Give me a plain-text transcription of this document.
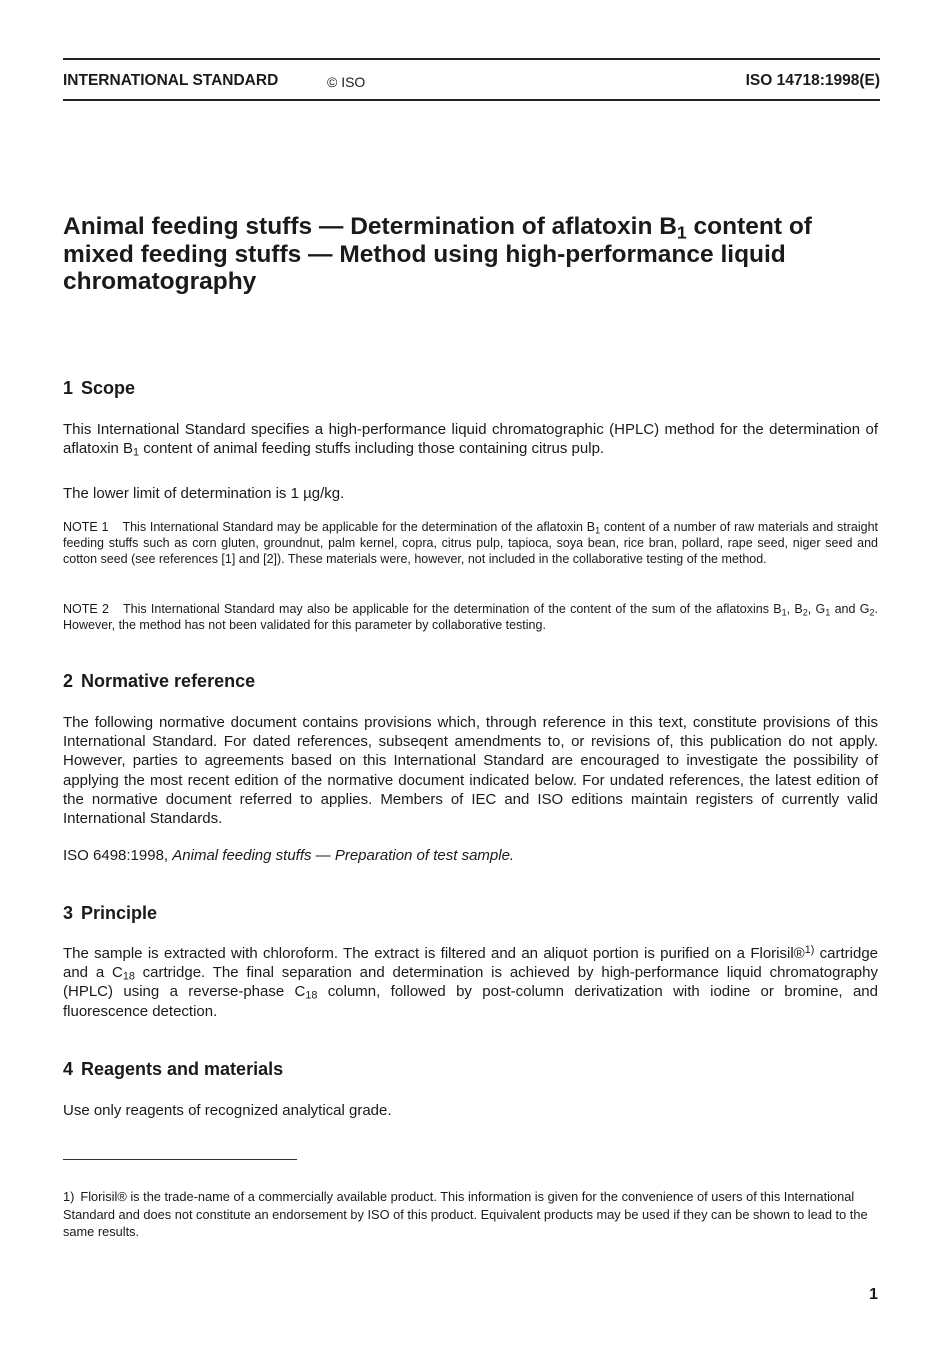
INTERNATIONAL STANDARD	© ISO	ISO 14718:1998(E)
Animal feeding stuffs — Determination of aflatoxin $B_1$ content of mixed feeding stuffs — Method using high-performance liquid chromatography
1 Scope

This International Standard specifies a high-performance liquid chromatographic (HPLC) method for the determination of aflatoxin $B_1$ content of animal feeding stuffs including those containing citrus pulp.

The lower limit of determination is 1 µg/kg.

NOTE 1 This International Standard may be applicable for the determination of the aflatoxin $B_1$ content of a number of raw materials and straight feeding stuffs such as corn gluten, groundnut, palm kernel, copra, citrus pulp, tapioca, soya bean, rice bran, pollard, rape seed, niger seed and cotton seed (see references [1] and [2]). These materials were, however, not included in the collaborative testing of the method.

NOTE 2 This International Standard may also be applicable for the determination of the content of the sum of the aflatoxins $B_1$, $B_2$, $G_1$ and $G_2$. However, the method has not been validated for this parameter by collaborative testing.

2 Normative reference

The following normative document contains provisions which, through reference in this text, constitute provisions of this International Standard. For dated references, subseqent amendments to, or revisions of, this publication do not apply. However, parties to agreements based on this International Standard are encouraged to investigate the possibility of applying the most recent edition of the normative document indicated below. For undated references, the latest edition of the normative document referred to applies. Members of IEC and ISO editions maintain registers of currently valid International Standards.

ISO 6498:1998, Animal feeding stuffs — Preparation of test sample.

3 Principle

The sample is extracted with chloroform. The extract is filtered and an aliquot portion is purified on a Florisil®$^{1)}$ cartridge and a $C_{18}$ cartridge. The final separation and determination is achieved by high-performance liquid chromatography (HPLC) using a reverse-phase $C_{18}$ column, followed by post-column derivatization with iodine or bromine, and fluorescence detection.

4 Reagents and materials

Use only reagents of recognized analytical grade.

1) Florisil® is the trade-name of a commercially available product. This information is given for the convenience of users of this International Standard and does not constitute an endorsement by ISO of this product. Equivalent products may be used if they can be shown to lead to the same results.

1
